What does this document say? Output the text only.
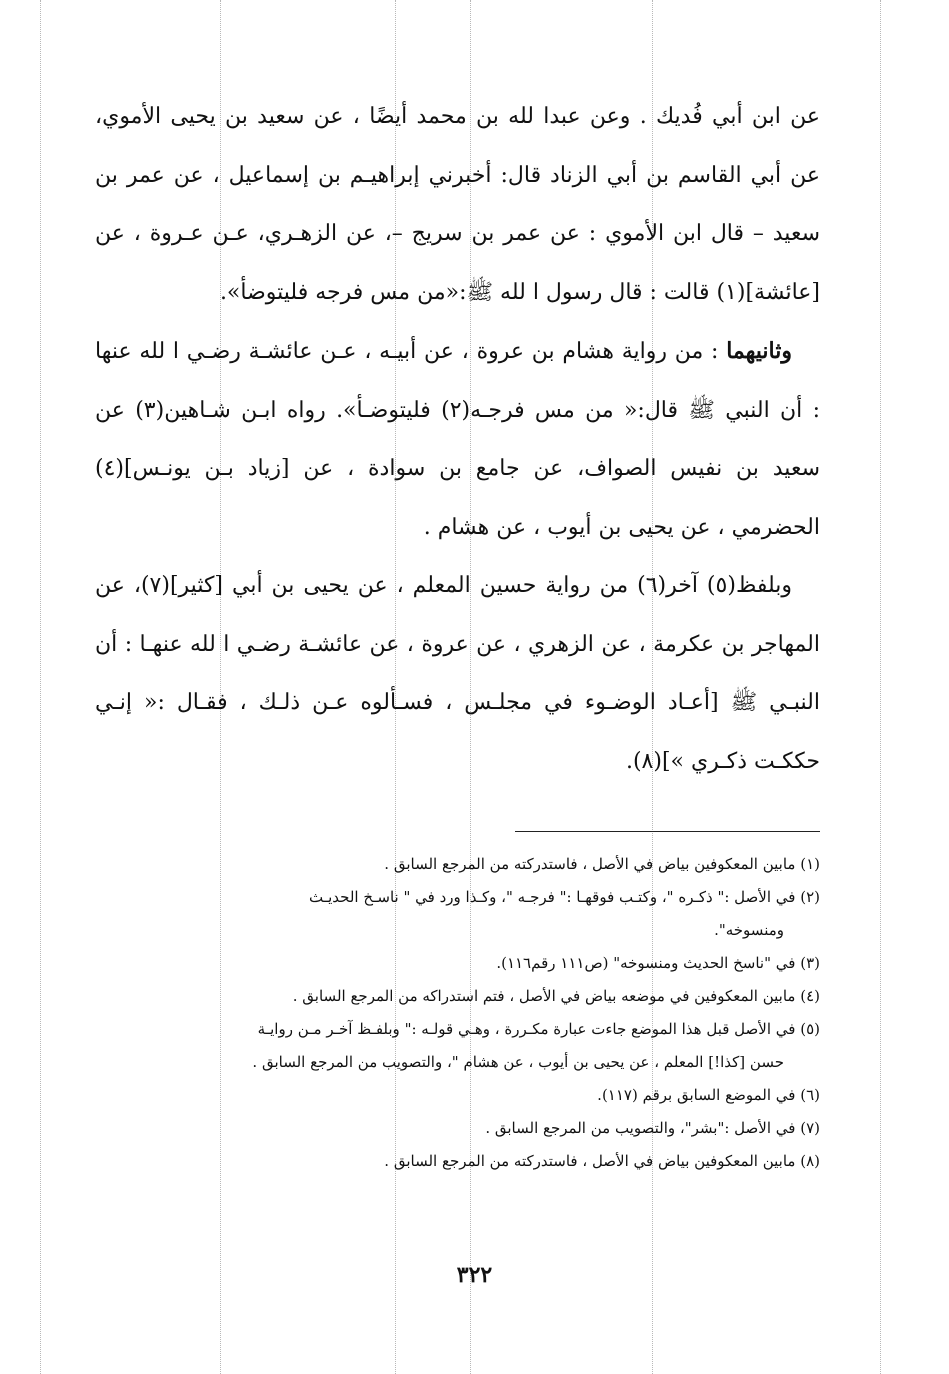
عن ابن أبي فُديك . وعن عبدا لله بن محمد أيضًا ، عن سعيد بن يحيى الأموي، عن أبي القاسم بن أبي الزناد قال: أخبرني إبراهيـم بن إسماعيل ، عن عمر بن سعيد – قال ابن الأموي : عن عمر بن سريج –، عن الزهـري، عـن عـروة ، عن [عائشة](١) قالت : قال رسول ا لله ﷺ:«من مس فرجه فليتوضأ».

وثانيهما : من رواية هشام بن عروة ، عن أبيـه ، عـن عائشـة رضـي ا لله عنها : أن النبي ﷺ قال:« من مس فرجـه(٢) فليتوضـأ». رواه ابـن شـاهين(٣) عن سعيد بن نفيس الصواف، عن جامع بن سوادة ، عن [زياد بـن يونـس](٤) الحضرمي ، عن يحيى بن أيوب ، عن هشام .

وبلفظ(٥) آخر(٦) من رواية حسين المعلم ، عن يحيى بن أبي [كثير](٧)، عن المهاجر بن عكرمة ، عن الزهري ، عن عروة ، عن عائشـة رضـي ا لله عنهـا : أن النبـي ﷺ [أعـاد الوضـوء في مجلـس ، فسـألوه عـن ذلـك ، فقـال :« إنـي حككـت ذكـري »](٨).

(١) مابين المعكوفين بياض في الأصل ، فاستدركته من المرجع السابق .
(٢) في الأصل :" ذكـره "، وكتـب فوقهـا :" فرجـه "، وكـذا ورد في " ناسـخ الحديـث
ومنسوخه".
(٣) في "ناسخ الحديث ومنسوخه" (ص١١١ رقم١١٦).
(٤) مابين المعكوفين في موضعه بياض في الأصل ، فتم استدراكه من المرجع السابق .
(٥) في الأصل قبل هذا الموضع جاءت عبارة مكـررة ، وهـي قولـه :" وبلفـظ آخـر مـن روايـة
حسن [كذا!] المعلم ، عن يحيى بن أيوب ، عن هشام "، والتصويب من المرجع السابق .
(٦) في الموضع السابق برقم (١١٧).
(٧) في الأصل :"بشر"، والتصويب من المرجع السابق .
(٨) مابين المعكوفين بياض في الأصل ، فاستدركته من المرجع السابق .
٣٢٢
